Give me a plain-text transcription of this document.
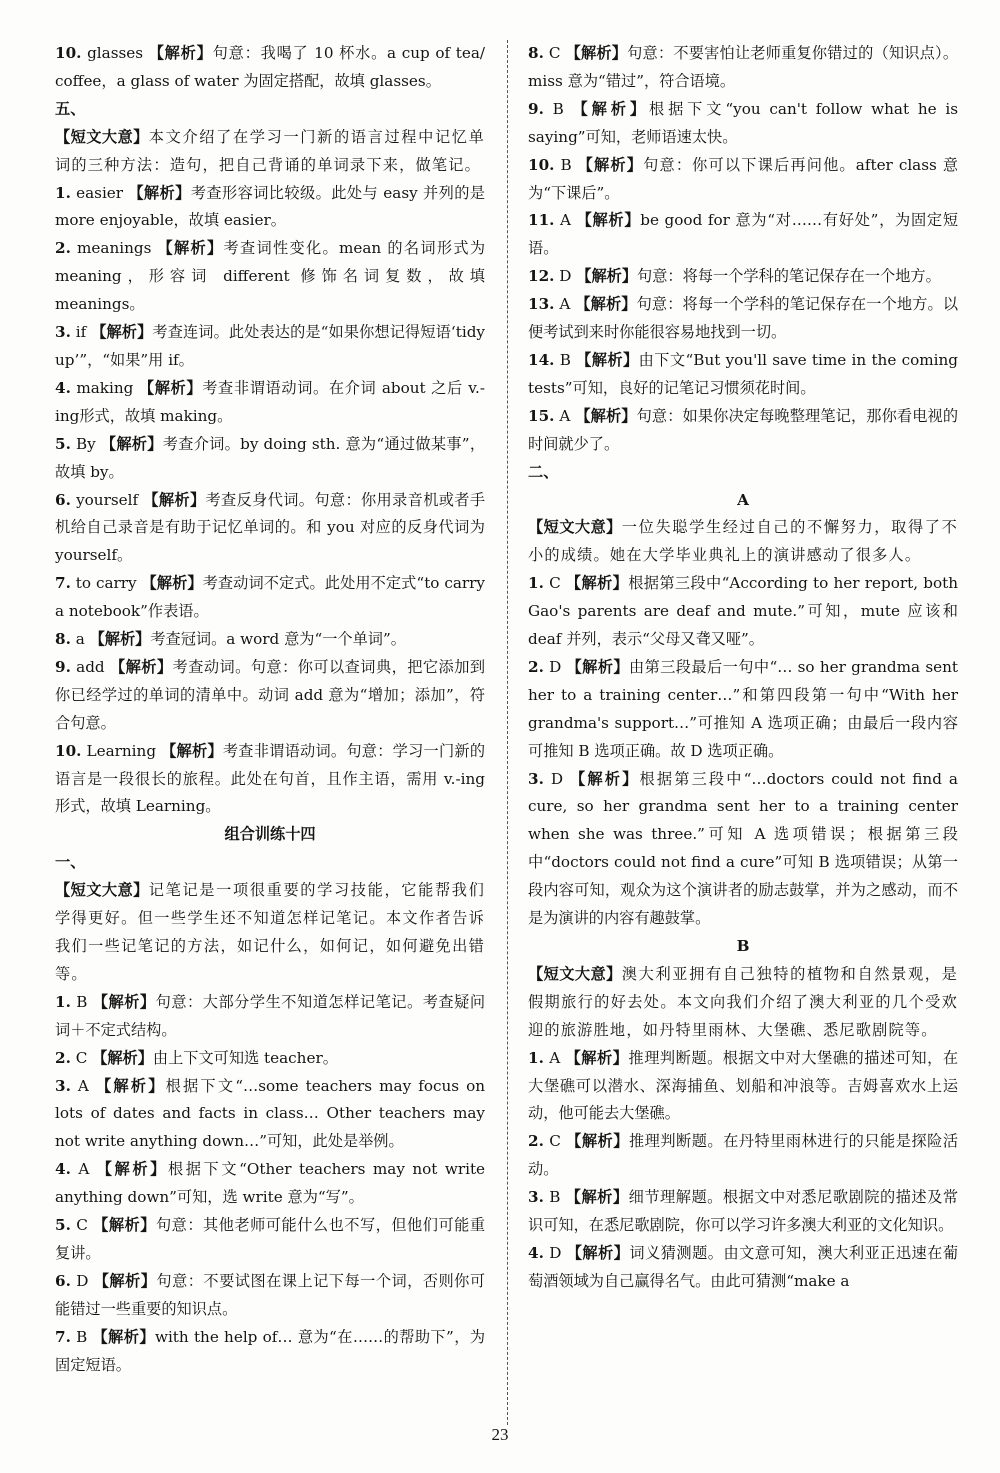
10. glasses 【解析】句意：我喝了 10 杯水。a cup of tea/ coffee，a glass of water 为固定搭配，故填 glasses。

五、

【短文大意】本文介绍了在学习一门新的语言过程中记忆单词的三种方法：造句，把自己背诵的单词录下来，做笔记。

1. easier 【解析】考查形容词比较级。此处与 easy 并列的是 more enjoyable，故填 easier。

2. meanings 【解析】考查词性变化。mean 的名词形式为 meaning，形容词 different 修饰名词复数，故填 meanings。

3. if 【解析】考查连词。此处表达的是“如果你想记得短语‘tidy up’”，“如果”用 if。

4. making 【解析】考查非谓语动词。在介词 about 之后 v.-ing形式，故填 making。

5. By 【解析】考查介词。by doing sth. 意为“通过做某事”，故填 by。

6. yourself 【解析】考查反身代词。句意：你用录音机或者手机给自己录音是有助于记忆单词的。和 you 对应的反身代词为 yourself。

7. to carry 【解析】考查动词不定式。此处用不定式“to carry a notebook”作表语。

8. a 【解析】考查冠词。a word 意为“一个单词”。

9. add 【解析】考查动词。句意：你可以查词典，把它添加到你已经学过的单词的清单中。动词 add 意为“增加；添加”，符合句意。

10. Learning 【解析】考查非谓语动词。句意：学习一门新的语言是一段很长的旅程。此处在句首，且作主语，需用 v.-ing 形式，故填 Learning。

组合训练十四

一、

【短文大意】记笔记是一项很重要的学习技能，它能帮我们学得更好。但一些学生还不知道怎样记笔记。本文作者告诉我们一些记笔记的方法，如记什么，如何记，如何避免出错等。

1. B 【解析】句意：大部分学生不知道怎样记笔记。考查疑问词＋不定式结构。

2. C 【解析】由上下文可知选 teacher。

3. A 【解析】根据下文“…some teachers may focus on lots of dates and facts in class… Other teachers may not write anything down…”可知，此处是举例。

4. A 【解析】根据下文“Other teachers may not write anything down”可知，选 write 意为“写”。

5. C 【解析】句意：其他老师可能什么也不写，但他们可能重复讲。

6. D 【解析】句意：不要试图在课上记下每一个词，否则你可能错过一些重要的知识点。

7. B 【解析】with the help of… 意为“在……的帮助下”，为固定短语。

8. C 【解析】句意：不要害怕让老师重复你错过的（知识点）。miss 意为“错过”，符合语境。

9. B 【解析】根据下文“you can't follow what he is saying”可知，老师语速太快。

10. B 【解析】句意：你可以下课后再问他。after class 意为“下课后”。

11. A 【解析】be good for 意为“对……有好处”，为固定短语。

12. D 【解析】句意：将每一个学科的笔记保存在一个地方。

13. A 【解析】句意：将每一个学科的笔记保存在一个地方。以便考试到来时你能很容易地找到一切。

14. B 【解析】由下文“But you'll save time in the coming tests”可知，良好的记笔记习惯须花时间。

15. A 【解析】句意：如果你决定每晚整理笔记，那你看电视的时间就少了。

二、

A

【短文大意】一位失聪学生经过自己的不懈努力，取得了不小的成绩。她在大学毕业典礼上的演讲感动了很多人。

1. C 【解析】根据第三段中“According to her report, both Gao's parents are deaf and mute.”可知，mute 应该和 deaf 并列，表示“父母又聋又哑”。

2. D 【解析】由第三段最后一句中“… so her grandma sent her to a training center…”和第四段第一句中“With her grandma's support…”可推知 A 选项正确；由最后一段内容可推知 B 选项正确。故 D 选项正确。

3. D 【解析】根据第三段中“…doctors could not find a cure, so her grandma sent her to a training center when she was three.”可知 A 选项错误；根据第三段中“doctors could not find a cure”可知 B 选项错误；从第一段内容可知，观众为这个演讲者的励志鼓掌，并为之感动，而不是为演讲的内容有趣鼓掌。

B

【短文大意】澳大利亚拥有自己独特的植物和自然景观，是假期旅行的好去处。本文向我们介绍了澳大利亚的几个受欢迎的旅游胜地，如丹特里雨林、大堡礁、悉尼歌剧院等。

1. A 【解析】推理判断题。根据文中对大堡礁的描述可知，在大堡礁可以潜水、深海捕鱼、划船和冲浪等。吉姆喜欢水上运动，他可能去大堡礁。

2. C 【解析】推理判断题。在丹特里雨林进行的只能是探险活动。

3. B 【解析】细节理解题。根据文中对悉尼歌剧院的描述及常识可知，在悉尼歌剧院，你可以学习许多澳大利亚的文化知识。

4. D 【解析】词义猜测题。由文意可知，澳大利亚正迅速在葡萄酒领域为自己赢得名气。由此可猜测“make a

23
